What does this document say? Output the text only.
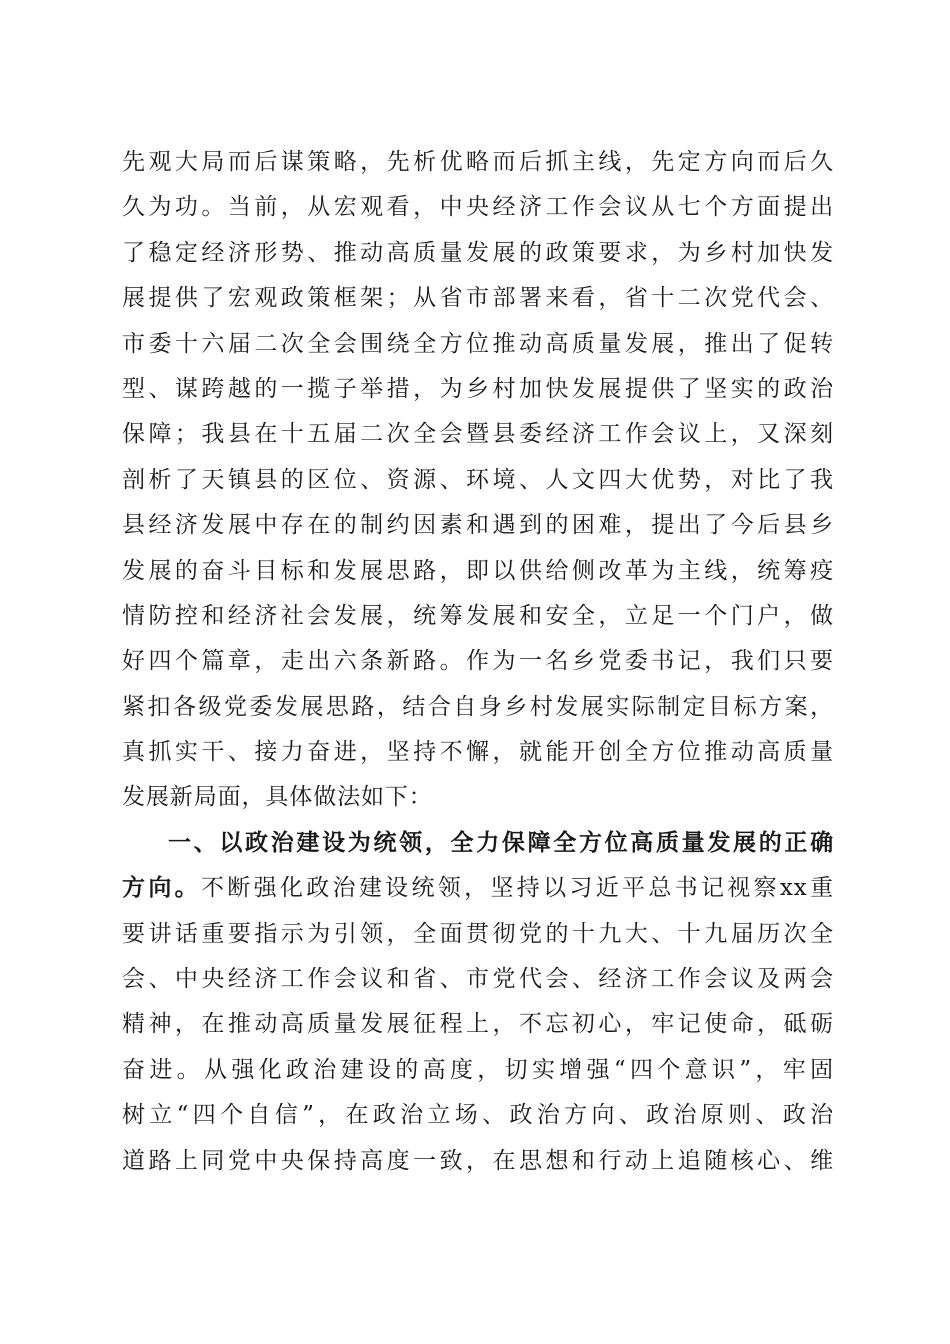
先观大局而后谋策略，先析优略而后抓主线，先定方向而后久
久为功。当前，从宏观看，中央经济工作会议从七个方面提出
了稳定经济形势、推动高质量发展的政策要求，为乡村加快发
展提供了宏观政策框架；从省市部署来看，省十二次党代会、
市委十六届二次全会围绕全方位推动高质量发展，推出了促转
型、谋跨越的一揽子举措，为乡村加快发展提供了坚实的政治
保障；我县在十五届二次全会暨县委经济工作会议上，又深刻
剖析了天镇县的区位、资源、环境、人文四大优势，对比了我
县经济发展中存在的制约因素和遇到的困难，提出了今后县乡
发展的奋斗目标和发展思路，即以供给侧改革为主线，统筹疫
情防控和经济社会发展，统筹发展和安全，立足一个门户，做
好四个篇章，走出六条新路。作为一名乡党委书记，我们只要
紧扣各级党委发展思路，结合自身乡村发展实际制定目标方案，
真抓实干、接力奋进，坚持不懈，就能开创全方位推动高质量
发展新局面，具体做法如下：
一、以政治建设为统领，全力保障全方位高质量发展的正确
方向。不断强化政治建设统领，坚持以习近平总书记视察xx重
要讲话重要指示为引领，全面贯彻党的十九大、十九届历次全
会、中央经济工作会议和省、市党代会、经济工作会议及两会
精神，在推动高质量发展征程上，不忘初心，牢记使命，砥砺
奋进。从强化政治建设的高度，切实增强“四个意识”，牢固
树立“四个自信”，在政治立场、政治方向、政治原则、政治
道路上同党中央保持高度一致，在思想和行动上追随核心、维
